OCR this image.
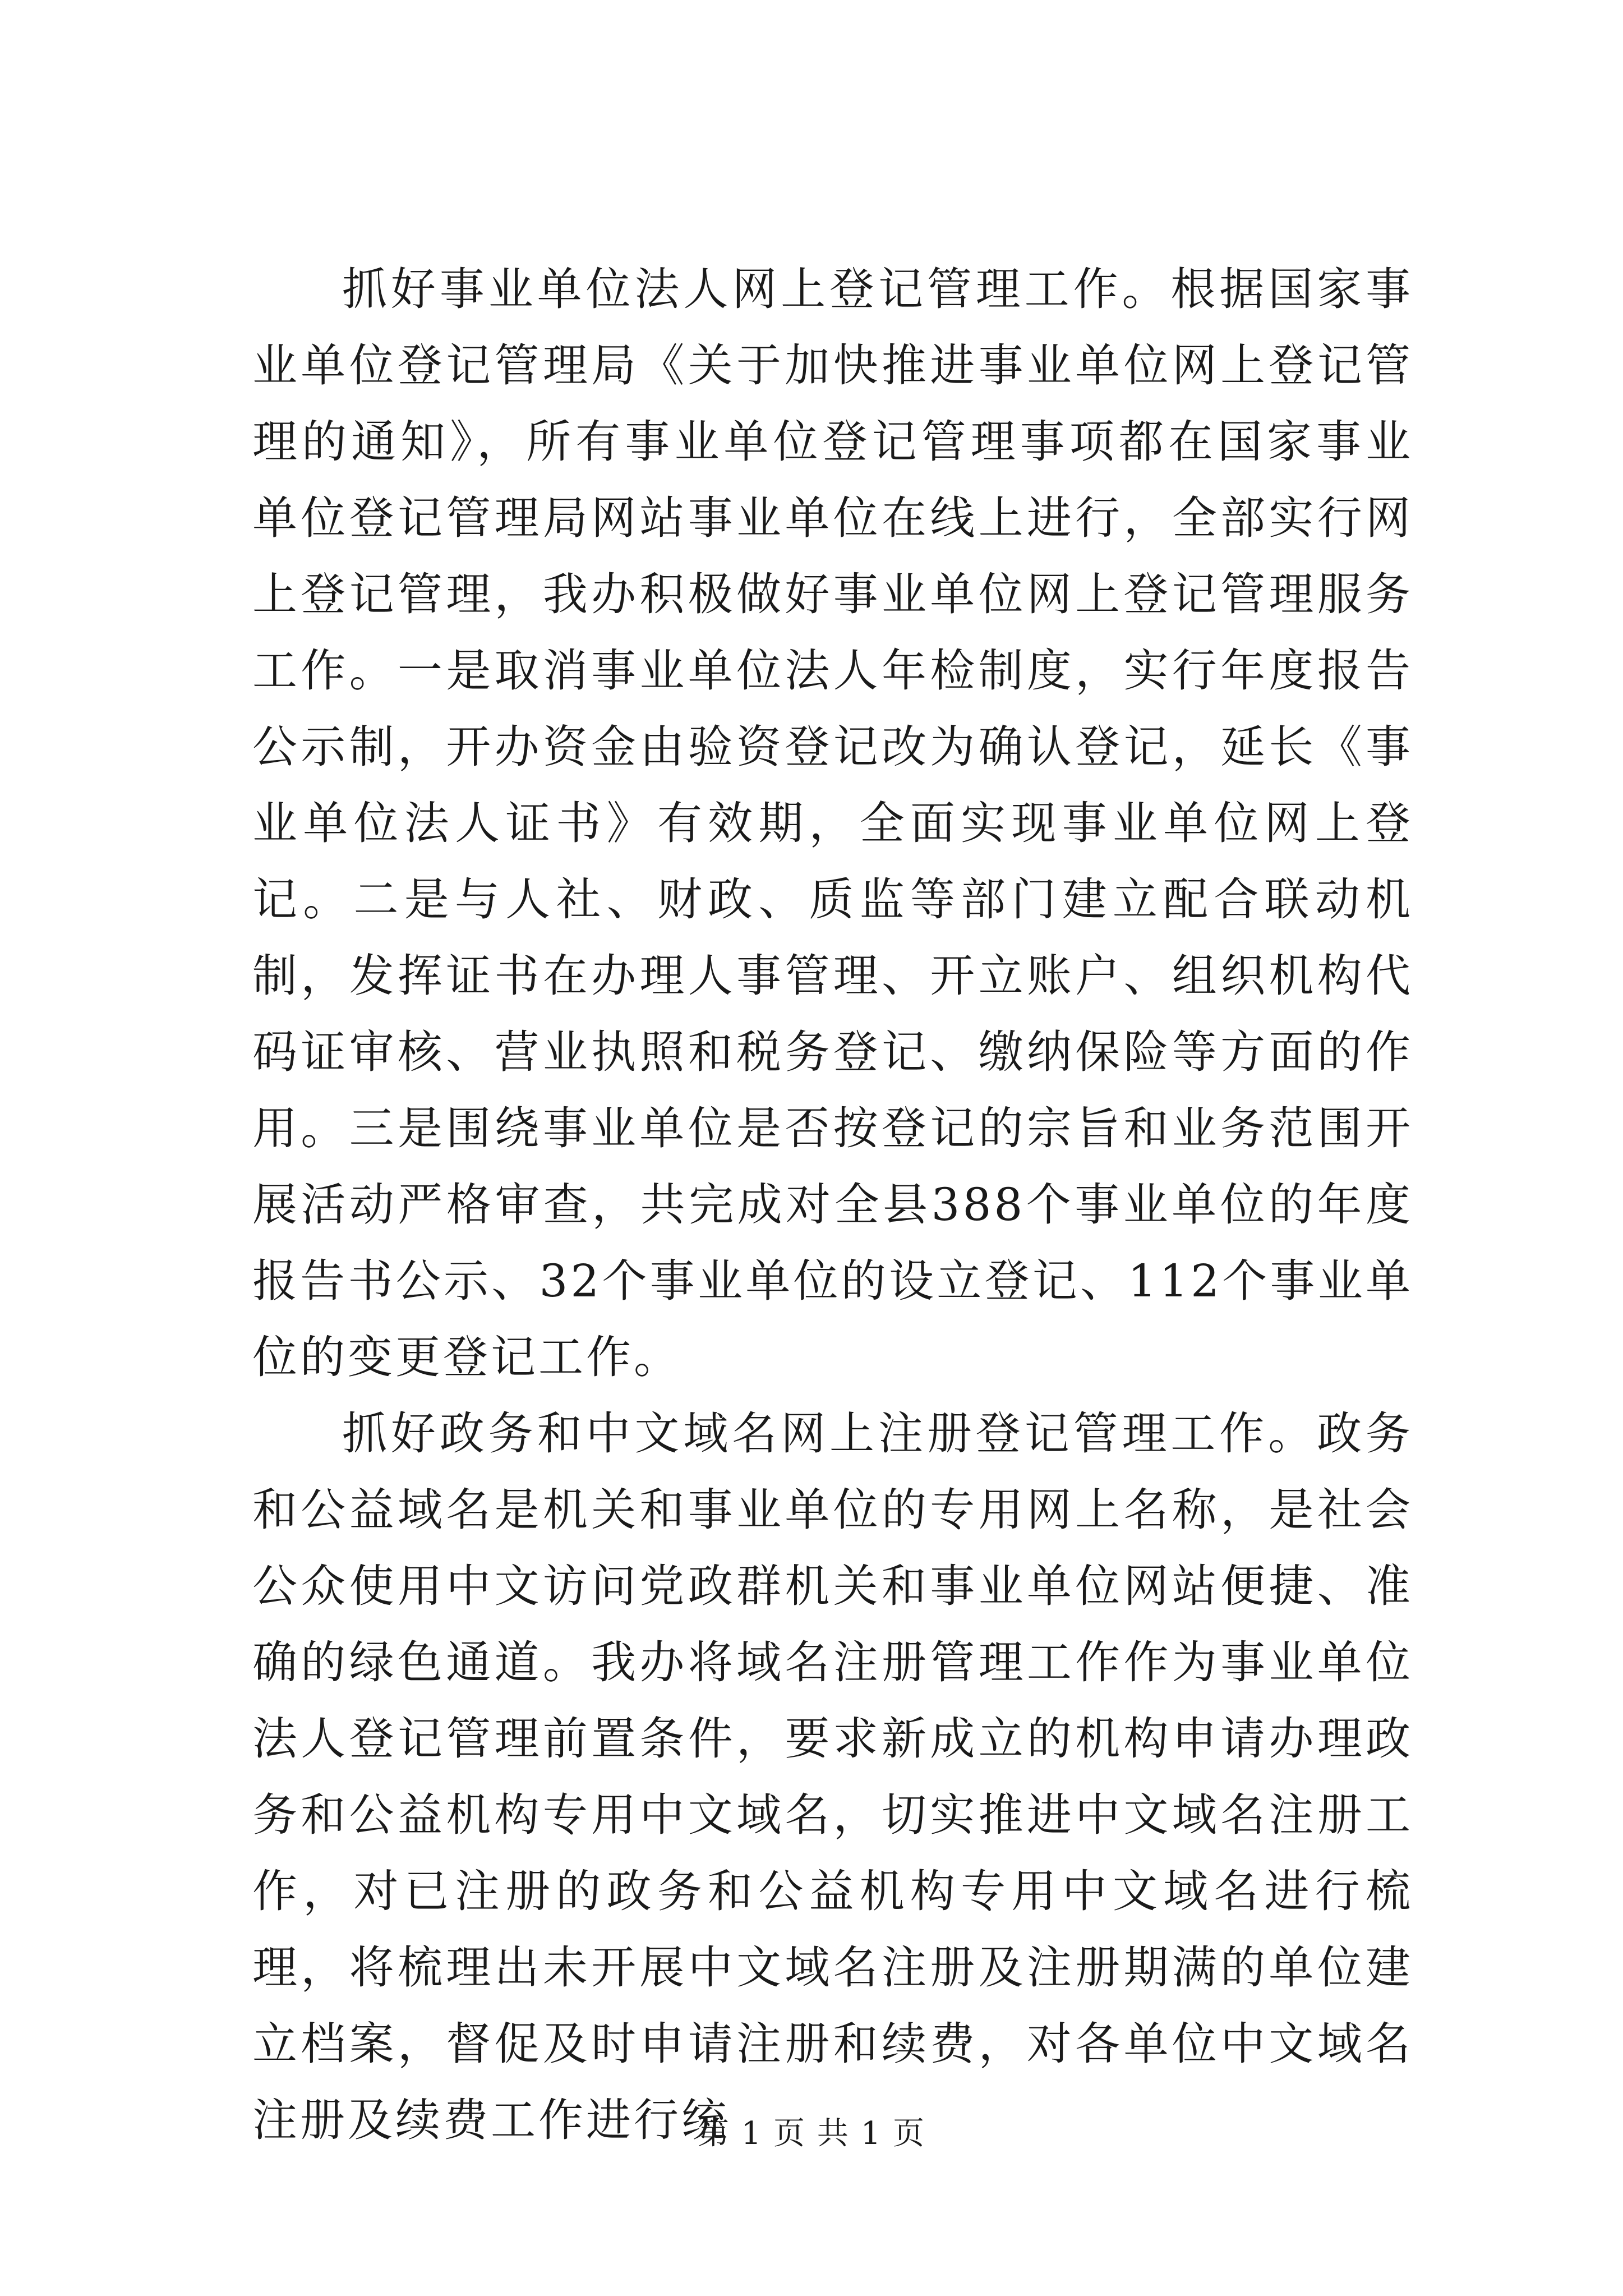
抓好事业单位法人网上登记管理工作。根据国家事业单位登记管理局《关于加快推进事业单位网上登记管理的通知》，所有事业单位登记管理事项都在国家事业单位登记管理局网站事业单位在线上进行，全部实行网上登记管理，我办积极做好事业单位网上登记管理服务工作。一是取消事业单位法人年检制度，实行年度报告公示制，开办资金由验资登记改为确认登记，延长《事业单位法人证书》有效期，全面实现事业单位网上登记。二是与人社、财政、质监等部门建立配合联动机制，发挥证书在办理人事管理、开立账户、组织机构代码证审核、营业执照和税务登记、缴纳保险等方面的作用。三是围绕事业单位是否按登记的宗旨和业务范围开展活动严格审查，共完成对全县388个事业单位的年度报告书公示、32个事业单位的设立登记、112个事业单位的变更登记工作。

抓好政务和中文域名网上注册登记管理工作。政务和公益域名是机关和事业单位的专用网上名称，是社会公众使用中文访问党政群机关和事业单位网站便捷、准确的绿色通道。我办将域名注册管理工作作为事业单位法人登记管理前置条件，要求新成立的机构申请办理政务和公益机构专用中文域名，切实推进中文域名注册工作，对已注册的政务和公益机构专用中文域名进行梳理，将梳理出未开展中文域名注册及注册期满的单位建立档案，督促及时申请注册和续费，对各单位中文域名注册及续费工作进行统

第 1 页 共 1 页
